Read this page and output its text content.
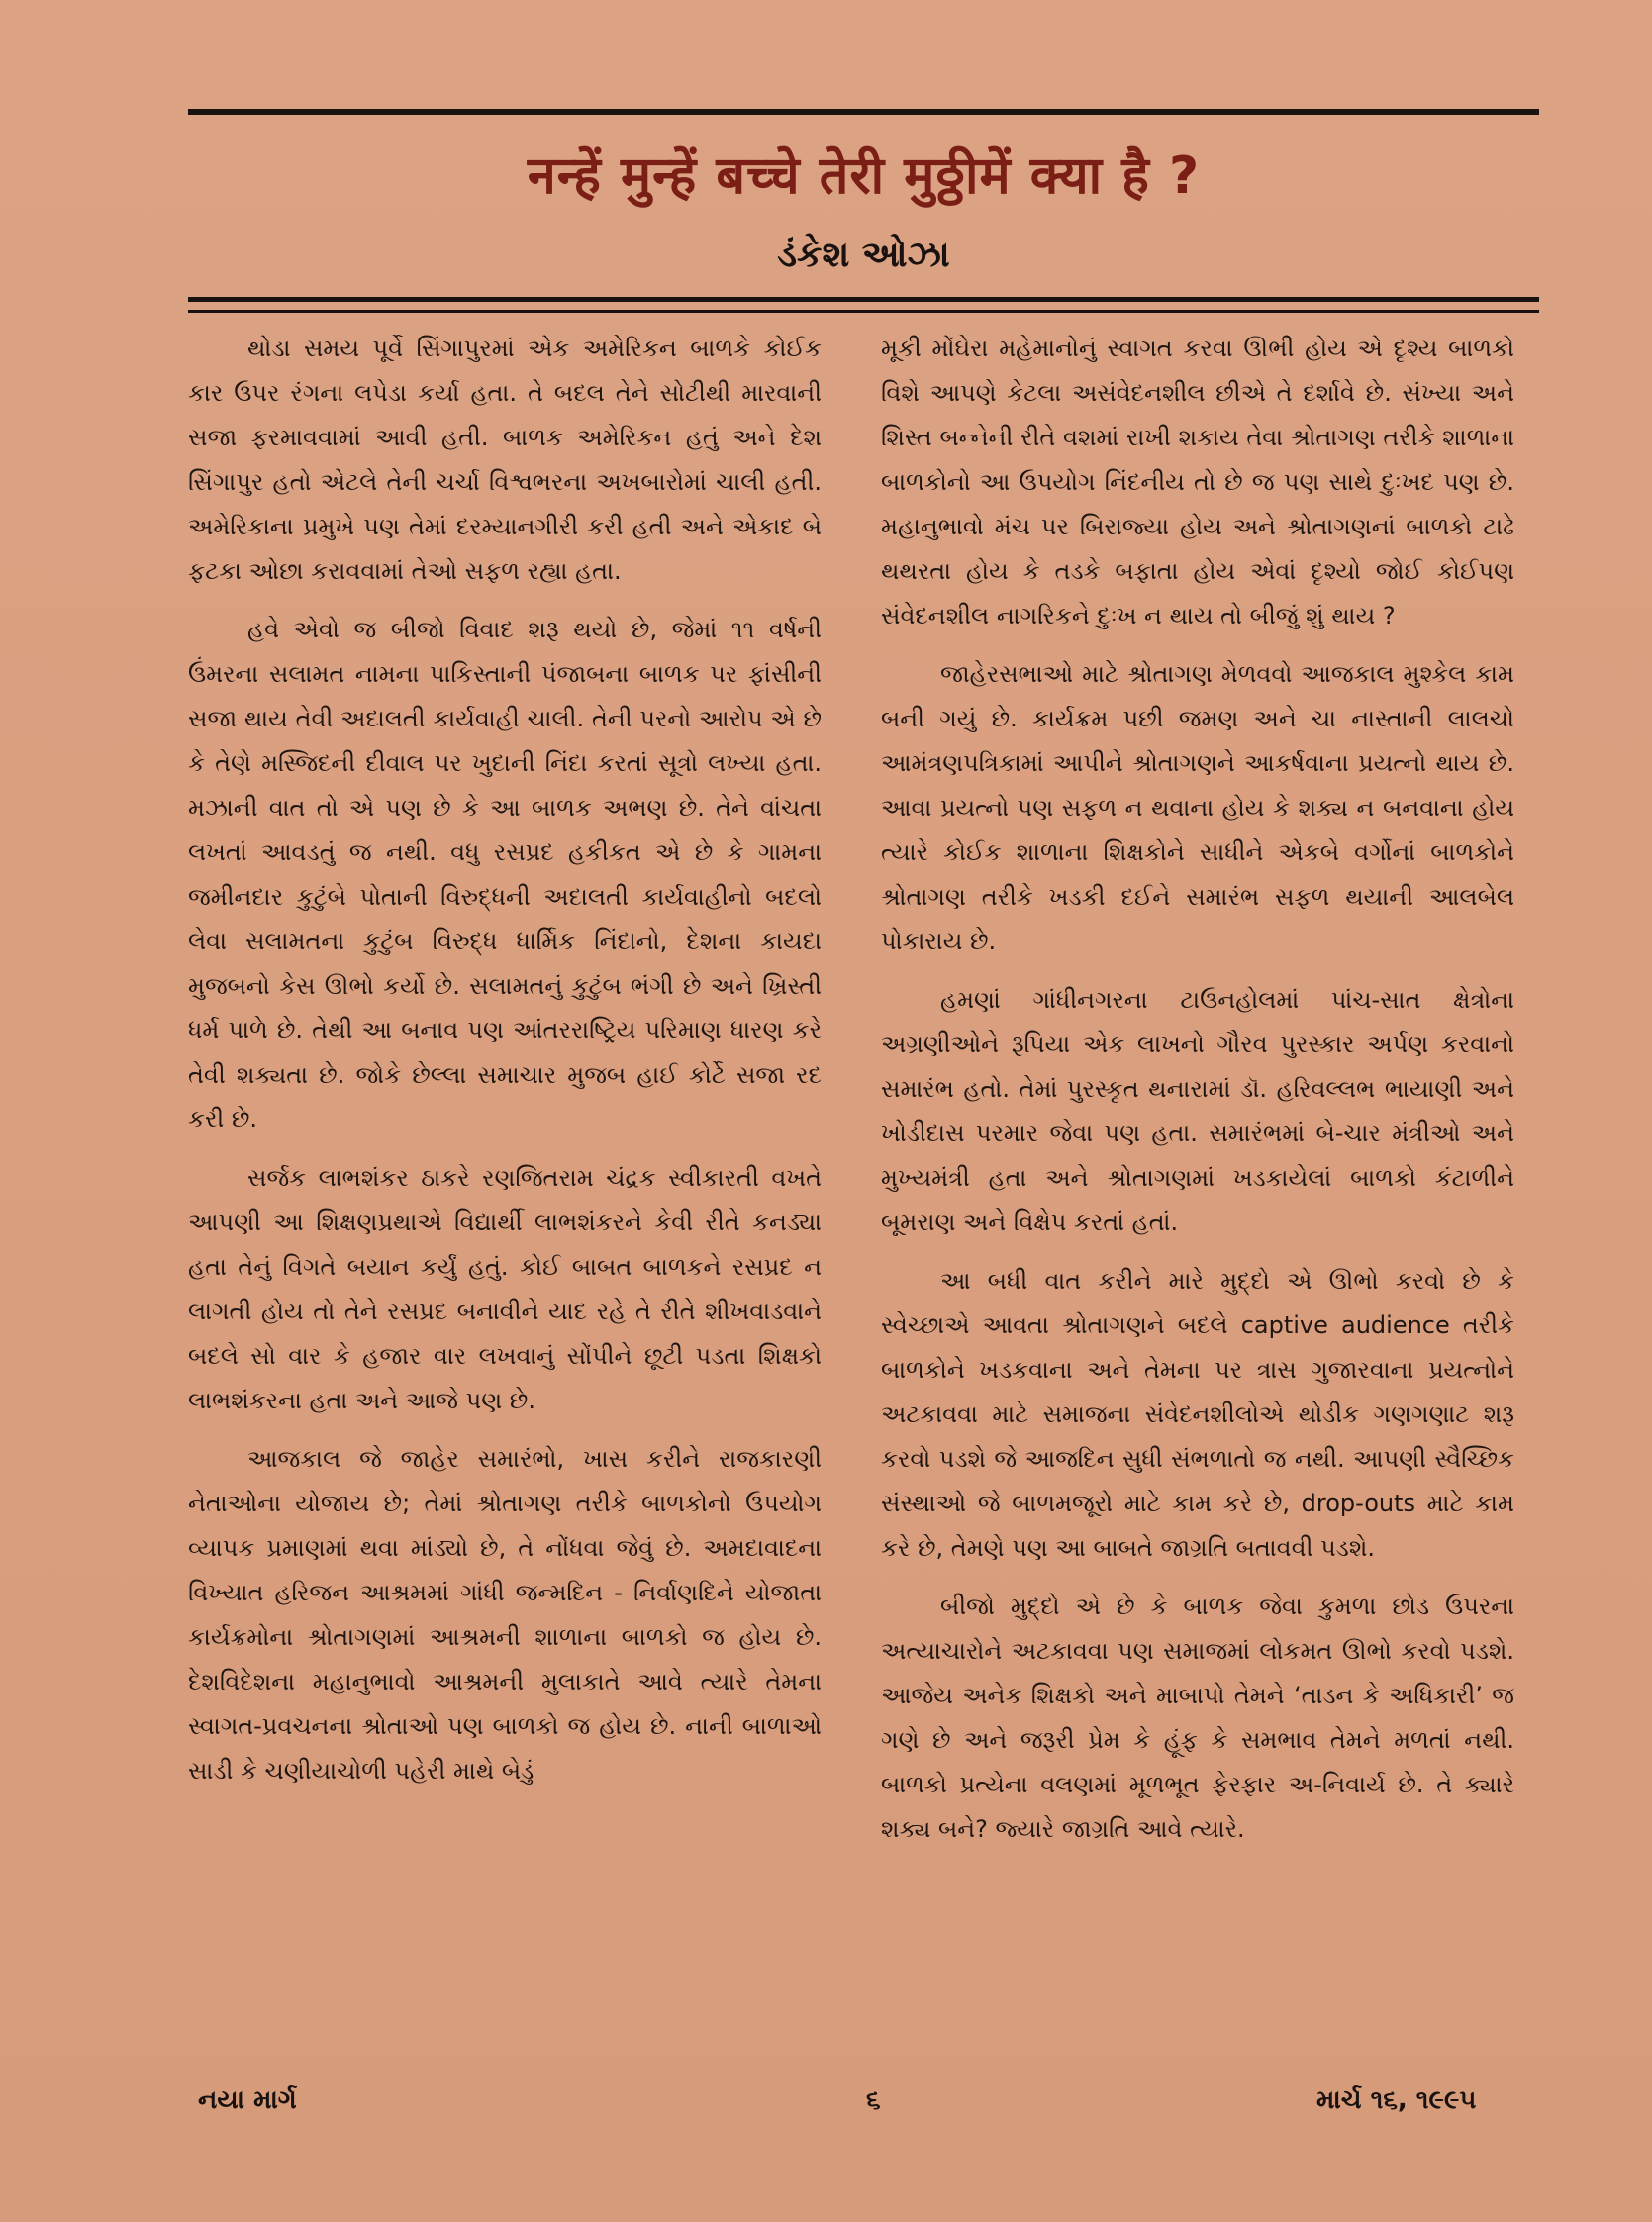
नन्हें मुन्हें बच्चे तेरी मुठ्ठीमें क्या है ?
ડંકેશ ઓઝા

થોડા સમય પૂર્વે સિંગાપુરમાં એક અમેરિકન બાળકે કોઈક કાર ઉપર રંગના લપેડા કર્યા હતા. તે બદલ તેને સોટીથી મારવાની સજા ફરમાવવામાં આવી હતી. બાળક અમેરિકન હતું અને દેશ સિંગાપુર હતો એટલે તેની ચર્ચા વિશ્વભરના અખબારોમાં ચાલી હતી. અમેરિકાના પ્રમુખે પણ તેમાં દરમ્યાનગીરી કરી હતી અને એકાદ બે ફટકા ઓછા કરાવવામાં તેઓ સફળ રહ્યા હતા.

હવે એવો જ બીજો વિવાદ શરૂ થયો છે, જેમાં ૧૧ વર્ષની ઉંમરના સલામત નામના પાકિસ્તાની પંજાબના બાળક પર ફાંસીની સજા થાય તેવી અદાલતી કાર્યવાહી ચાલી. તેની પરનો આરોપ એ છે કે તેણે મસ્જિદની દીવાલ પર ખુદાની નિંદા કરતાં સૂત્રો લખ્યા હતા. મઝાની વાત તો એ પણ છે કે આ બાળક અભણ છે. તેને વાંચતા લખતાં આવડતું જ નથી. વધુ રસપ્રદ હકીકત એ છે કે ગામના જમીનદાર કુટુંબે પોતાની વિરુદ્ધની અદાલતી કાર્યવાહીનો બદલો લેવા સલામતના કુટુંબ વિરુદ્ધ ધાર્મિક નિંદાનો, દેશના કાયદા મુજબનો કેસ ઊભો કર્યો છે. સલામતનું કુટુંબ ભંગી છે અને ખ્રિસ્તી ધર્મ પાળે છે. તેથી આ બનાવ પણ આંતરરાષ્ટ્રિય પરિમાણ ધારણ કરે તેવી શક્યતા છે. જોકે છેલ્લા સમાચાર મુજબ હાઈ કોર્ટે સજા રદ કરી છે.

સર્જક લાભશંકર ઠાકરે રણજિતરામ ચંદ્રક સ્વીકારતી વખતે આપણી આ શિક્ષણપ્રથાએ વિદ્યાર્થી લાભશંકરને કેવી રીતે કનડ્યા હતા તેનું વિગતે બયાન કર્યું હતું. કોઈ બાબત બાળકને રસપ્રદ ન લાગતી હોય તો તેને રસપ્રદ બનાવીને યાદ રહે તે રીતે શીખવાડવાને બદલે સો વાર કે હજાર વાર લખવાનું સોંપીને છૂટી પડતા શિક્ષકો લાભશંકરના હતા અને આજે પણ છે.

આજકાલ જે જાહેર સમારંભો, ખાસ કરીને રાજકારણી નેતાઓના યોજાય છે; તેમાં શ્રોતાગણ તરીકે બાળકોનો ઉપયોગ વ્યાપક પ્રમાણમાં થવા માંડ્યો છે, તે નોંધવા જેવું છે. અમદાવાદના વિખ્યાત હરિજન આશ્રમમાં ગાંધી જન્મદિન - નિર્વાણદિને યોજાતા કાર્યક્રમોના શ્રોતાગણમાં આશ્રમની શાળાના બાળકો જ હોય છે. દેશવિદેશના મહાનુભાવો આશ્રમની મુલાકાતે આવે ત્યારે તેમના સ્વાગત-પ્રવચનના શ્રોતાઓ પણ બાળકો જ હોય છે. નાની બાળાઓ સાડી કે ચણીયાચોળી પહેરી માથે બેડું

મૂકી મોંઘેરા મહેમાનોનું સ્વાગત કરવા ઊભી હોય એ દૃશ્ય બાળકો વિશે આપણે કેટલા અસંવેદનશીલ છીએ તે દર્શાવે છે. સંખ્યા અને શિસ્ત બન્નેની રીતે વશમાં રાખી શકાય તેવા શ્રોતાગણ તરીકે શાળાના બાળકોનો આ ઉપયોગ નિંદનીય તો છે જ પણ સાથે દુઃખદ પણ છે. મહાનુભાવો મંચ પર બિરાજ્યા હોય અને શ્રોતાગણનાં બાળકો ટાઢે થથરતા હોય કે તડકે બફાતા હોય એવાં દૃશ્યો જોઈ કોઈપણ સંવેદનશીલ નાગરિકને દુઃખ ન થાય તો બીજું શું થાય ?

જાહેરસભાઓ માટે શ્રોતાગણ મેળવવો આજકાલ મુશ્કેલ કામ બની ગયું છે. કાર્યક્રમ પછી જમણ અને ચા નાસ્તાની લાલચો આમંત્રણપત્રિકામાં આપીને શ્રોતાગણને આકર્ષવાના પ્રયત્નો થાય છે. આવા પ્રયત્નો પણ સફળ ન થવાના હોય કે શક્ય ન બનવાના હોય ત્યારે કોઈક શાળાના શિક્ષકોને સાધીને એકબે વર્ગોનાં બાળકોને શ્રોતાગણ તરીકે ખડકી દઈને સમારંભ સફળ થયાની આલબેલ પોકારાય છે.

હમણાં ગાંધીનગરના ટાઉનહોલમાં પાંચ-સાત ક્ષેત્રોના અગ્રણીઓને રૂપિયા એક લાખનો ગૌરવ પુરસ્કાર અર્પણ કરવાનો સમારંભ હતો. તેમાં પુરસ્કૃત થનારામાં ડૉ. હરિવલ્લભ ભાયાણી અને ખોડીદાસ પરમાર જેવા પણ હતા. સમારંભમાં બે-ચાર મંત્રીઓ અને મુખ્યમંત્રી હતા અને શ્રોતાગણમાં ખડકાયેલાં બાળકો કંટાળીને બૂમરાણ અને વિક્ષેપ કરતાં હતાં.

આ બધી વાત કરીને મારે મુદ્દો એ ઊભો કરવો છે કે સ્વેચ્છાએ આવતા શ્રોતાગણને બદલે captive audience તરીકે બાળકોને ખડકવાના અને તેમના પર ત્રાસ ગુજારવાના પ્રયત્નોને અટકાવવા માટે સમાજના સંવેદનશીલોએ થોડીક ગણગણાટ શરૂ કરવો પડશે જે આજદિન સુધી સંભળાતો જ નથી. આપણી સ્વૈચ્છિક સંસ્થાઓ જે બાળમજૂરો માટે કામ કરે છે, drop-outs માટે કામ કરે છે, તેમણે પણ આ બાબતે જાગ્રતિ બતાવવી પડશે.

બીજો મુદ્દો એ છે કે બાળક જેવા કુમળા છોડ ઉપરના અત્યાચારોને અટકાવવા પણ સમાજમાં લોકમત ઊભો કરવો પડશે. આજેય અનેક શિક્ષકો અને માબાપો તેમને ‘તાડન કે અધિકારી’ જ ગણે છે અને જરૂરી પ્રેમ કે હૂંફ કે સમભાવ તેમને મળતાં નથી. બાળકો પ્રત્યેના વલણમાં મૂળભૂત ફેરફાર અ-નિવાર્ય છે. તે ક્યારે શક્ય બને? જ્યારે જાગ્રતિ આવે ત્યારે.

નયા માર્ગ	૬	માર્ચ ૧૬, ૧૯૯૫
